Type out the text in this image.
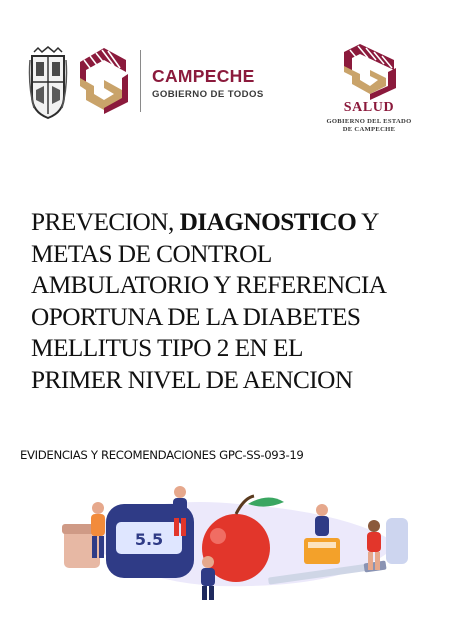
CAMPECHE
GOBIERNO DE TODOS
SALUD
GOBIERNO DEL ESTADO
DE CAMPECHE
PREVECION, DIAGNOSTICO Y
METAS DE CONTROL
AMBULATORIO Y REFERENCIA
OPORTUNA DE LA DIABETES
MELLITUS TIPO 2 EN EL
PRIMER NIVEL DE AENCION
EVIDENCIAS Y RECOMENDACIONES GPC-SS-093-19
5.5
